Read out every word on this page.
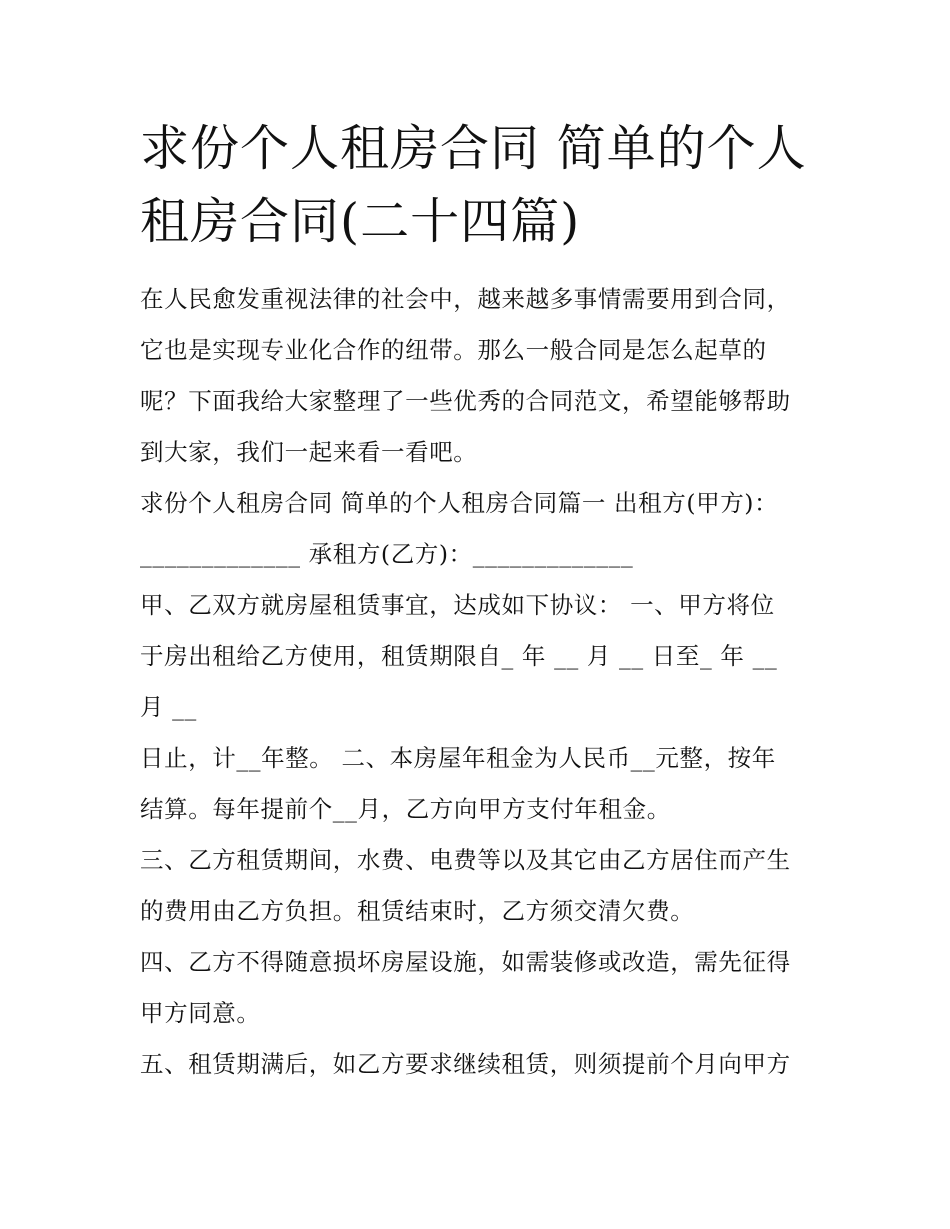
求份个人租房合同 简单的个人
租房合同(二十四篇)

在人民愈发重视法律的社会中，越来越多事情需要用到合同，

它也是实现专业化合作的纽带。那么一般合同是怎么起草的

呢？下面我给大家整理了一些优秀的合同范文，希望能够帮助

到大家，我们一起来看一看吧。

求份个人租房合同 简单的个人租房合同篇一 出租方(甲方)：

_____________ 承租方(乙方)：_____________

甲、乙双方就房屋租赁事宜，达成如下协议： 一、甲方将位

于房出租给乙方使用，租赁期限自_ 年 __ 月 __ 日至_ 年 __

月 __

日止，计__年整。 二、本房屋年租金为人民币__元整，按年

结算。每年提前个__月，乙方向甲方支付年租金。

三、乙方租赁期间，水费、电费等以及其它由乙方居住而产生

的费用由乙方负担。租赁结束时，乙方须交清欠费。

四、乙方不得随意损坏房屋设施，如需装修或改造，需先征得

甲方同意。

五、租赁期满后，如乙方要求继续租赁，则须提前个月向甲方
